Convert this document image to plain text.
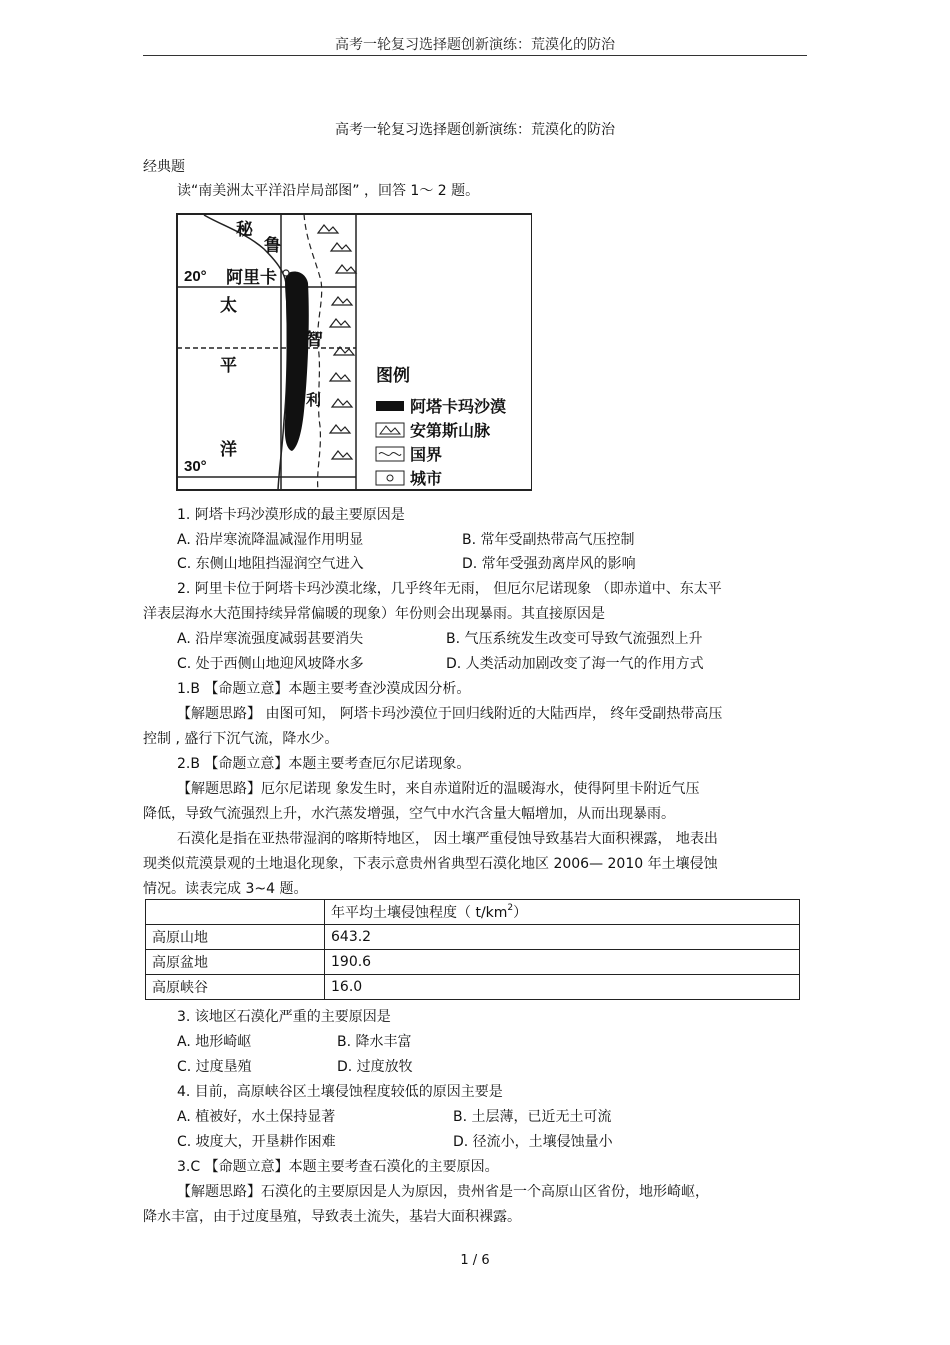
高考一轮复习选择题创新演练：荒漠化的防治
高考一轮复习选择题创新演练：荒漠化的防治
经典题
读“南美洲太平洋沿岸局部图” ，回答 1～ 2 题。
秘
鲁
20° 阿里卡
太
平
洋
智
利
30°
图例
阿塔卡玛沙漠
安第斯山脉
国界
城市
1. 阿塔卡玛沙漠形成的最主要原因是
A. 沿岸寒流降温减湿作用明显	B. 常年受副热带高气压控制
C. 东侧山地阻挡湿润空气进入	D. 常年受强劲离岸风的影响
2. 阿里卡位于阿塔卡玛沙漠北缘，几乎终年无雨， 但厄尔尼诺现象 （即赤道中、东太平
洋表层海水大范围持续异常偏暖的现象）年份则会出现暴雨。其直接原因是
A. 沿岸寒流强度减弱甚要消失	B. 气压系统发生改变可导致气流强烈上升
C. 处于西侧山地迎风坡降水多	D. 人类活动加剧改变了海一气的作用方式
1.B 【命题立意】本题主要考查沙漠成因分析。
【解题思路】 由图可知， 阿塔卡玛沙漠位于回归线附近的大陆西岸， 终年受副热带高压
控制 , 盛行下沉气流，降水少。
2.B 【命题立意】本题主要考查厄尔尼诺现象。
【解题思路】厄尔尼诺现 象发生时，来自赤道附近的温暖海水，使得阿里卡附近气压
降低，导致气流强烈上升，水汽蒸发增强，空气中水汽含量大幅增加，从而出现暴雨。
石漠化是指在亚热带湿润的喀斯特地区， 因土壤严重侵蚀导致基岩大面积裸露， 地表出
现类似荒漠景观的土地退化现象，下表示意贵州省典型石漠化地区 2006— 2010 年土壤侵蚀
情况。读表完成 3~4 题。
	年平均土壤侵蚀程度（ $t/km^2$）
高原山地	643.2
高原盆地	190.6
高原峡谷	16.0
3. 该地区石漠化严重的主要原因是
A. 地形崎岖	B. 降水丰富
C. 过度垦殖	D. 过度放牧
4. 目前，高原峡谷区土壤侵蚀程度较低的原因主要是
A. 植被好，水土保持显著	B. 土层薄，已近无土可流
C. 坡度大，开垦耕作困难	D. 径流小，土壤侵蚀量小
3.C 【命题立意】本题主要考查石漠化的主要原因。
【解题思路】石漠化的主要原因是人为原因，贵州省是一个高原山区省份，地形崎岖，
降水丰富，由于过度垦殖，导致表土流失，基岩大面积裸露。
1 / 6
